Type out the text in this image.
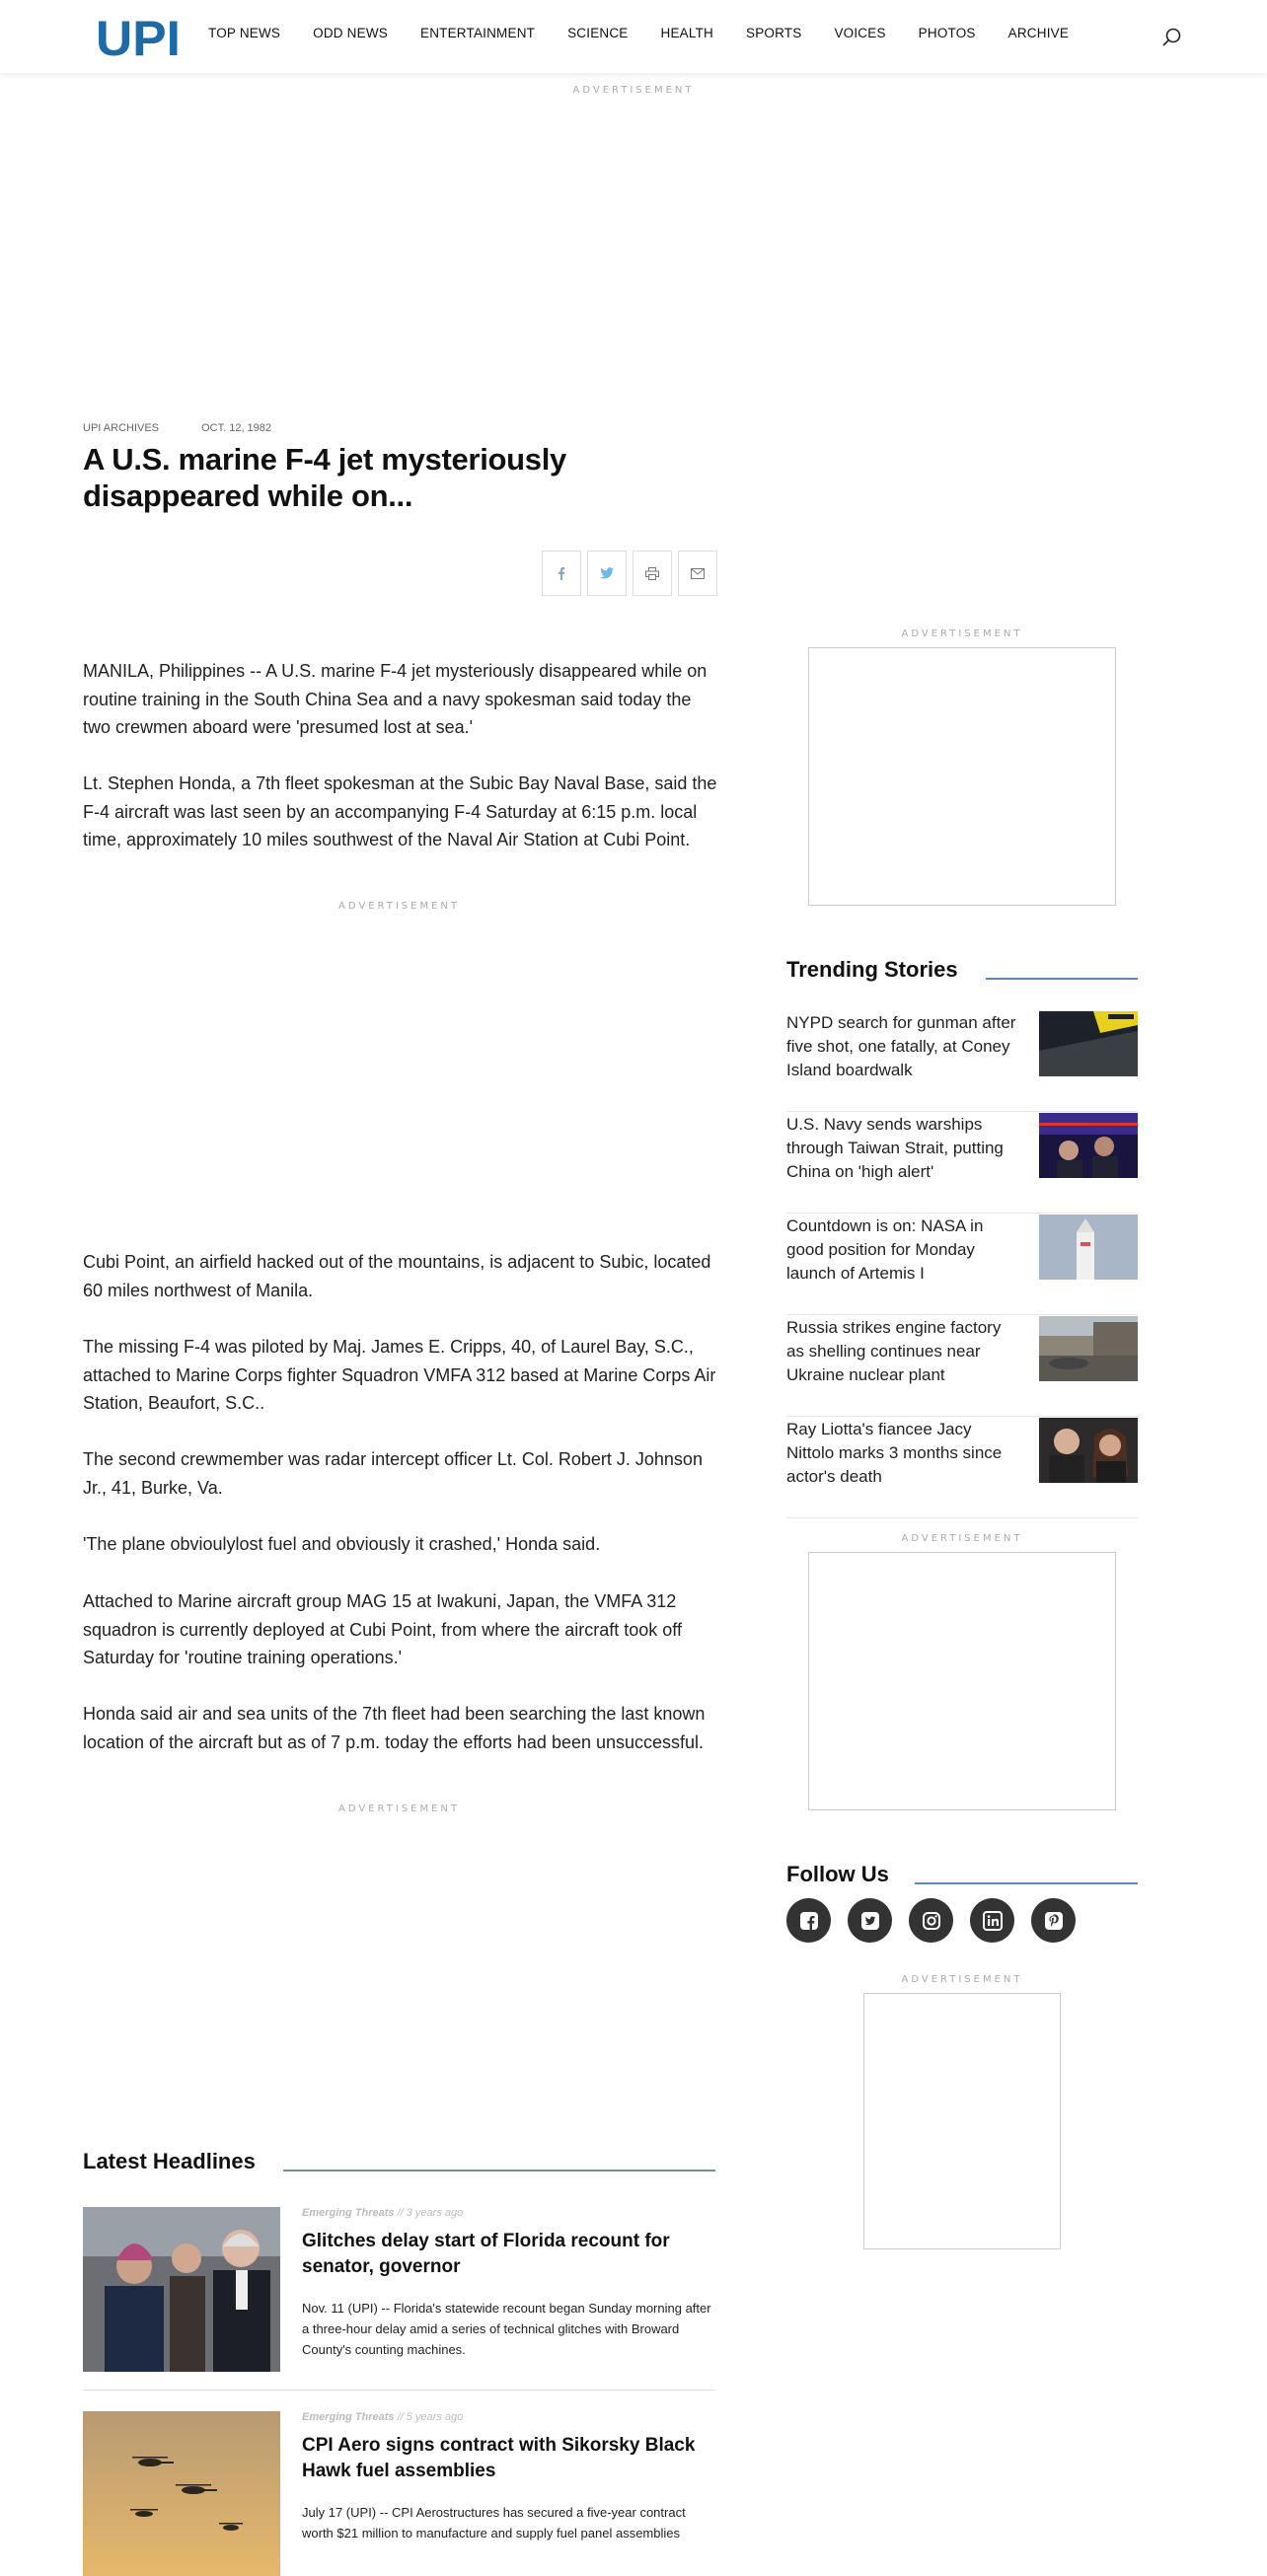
UPI TOP NEWS ODD NEWS ENTERTAINMENT SCIENCE HEALTH SPORTS VOICES PHOTOS ARCHIVE
ADVERTISEMENT
UPI ARCHIVES	OCT. 12, 1982
A U.S. marine F-4 jet mysteriously disappeared while on...

MANILA, Philippines -- A U.S. marine F-4 jet mysteriously disappeared while on routine training in the South China Sea and a navy spokesman said today the two crewmen aboard were 'presumed lost at sea.'

Lt. Stephen Honda, a 7th fleet spokesman at the Subic Bay Naval Base, said the F-4 aircraft was last seen by an accompanying F-4 Saturday at 6:15 p.m. local time, approximately 10 miles southwest of the Naval Air Station at Cubi Point.

ADVERTISEMENT

Cubi Point, an airfield hacked out of the mountains, is adjacent to Subic, located 60 miles northwest of Manila.

The missing F-4 was piloted by Maj. James E. Cripps, 40, of Laurel Bay, S.C., attached to Marine Corps fighter Squadron VMFA 312 based at Marine Corps Air Station, Beaufort, S.C..

The second crewmember was radar intercept officer Lt. Col. Robert J. Johnson Jr., 41, Burke, Va.

'The plane obvioulylost fuel and obviously it crashed,' Honda said.

Attached to Marine aircraft group MAG 15 at Iwakuni, Japan, the VMFA 312 squadron is currently deployed at Cubi Point, from where the aircraft took off Saturday for 'routine training operations.'

Honda said air and sea units of the 7th fleet had been searching the last known location of the aircraft but as of 7 p.m. today the efforts had been unsuccessful.

ADVERTISEMENT
ADVERTISEMENT
Trending Stories
NYPD search for gunman after five shot, one fatally, at Coney Island boardwalk
U.S. Navy sends warships through Taiwan Strait, putting China on 'high alert'
Countdown is on: NASA in good position for Monday launch of Artemis I
Russia strikes engine factory as shelling continues near Ukraine nuclear plant
Ray Liotta's fiancee Jacy Nittolo marks 3 months since actor's death
ADVERTISEMENT
Follow Us
ADVERTISEMENT
Latest Headlines
Emerging Threats // 3 years ago
Glitches delay start of Florida recount for senator, governor
Nov. 11 (UPI) -- Florida's statewide recount began Sunday morning after a three-hour delay amid a series of technical glitches with Broward County's counting machines.
Emerging Threats // 5 years ago
CPI Aero signs contract with Sikorsky Black Hawk fuel assemblies
July 17 (UPI) -- CPI Aerostructures has secured a five-year contract worth $21 million to manufacture and supply fuel panel assemblies
